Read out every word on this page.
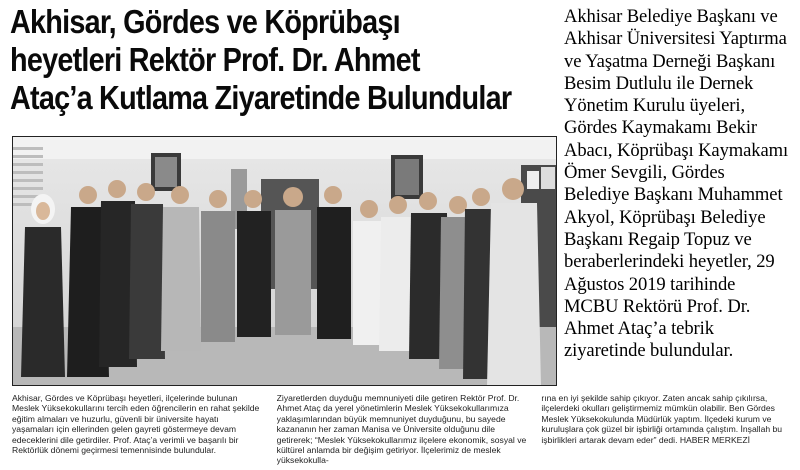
Akhisar, Gördes ve Köprübaşı
heyetleri Rektör Prof. Dr. Ahmet
Ataç’a Kutlama Ziyaretinde Bulundular
Akhisar Belediye Başkanı ve Akhisar Üniversitesi Yaptırma ve Yaşatma Derneği Başkanı Besim Dutlulu ile Dernek Yönetim Kurulu üyeleri, Gördes Kaymakamı Bekir Abacı, Köprübaşı Kaymakamı Ömer Sevgili, Gördes Belediye Başkanı Muhammet Akyol, Köprübaşı Belediye Başkanı Regaip Topuz ve beraberlerindeki heyetler, 29 Ağustos 2019 tarihinde MCBU Rektörü Prof. Dr. Ahmet Ataç’a tebrik ziyaretinde bulundular.

Akhisar, Gördes ve Köprübaşı heyetleri, ilçelerinde bulunan Meslek Yüksekokullarını tercih eden öğrencilerin en rahat şekilde eğitim almaları ve huzurlu, güvenli bir üniversite hayatı yaşamaları için ellerinden gelen gayreti göstermeye devam edeceklerini dile getirdiler. Prof. Ataç’a verimli ve başarılı bir Rektörlük dönemi geçirmesi temennisinde bulundular.

Ziyaretlerden duyduğu memnuniyeti dile getiren Rektör Prof. Dr. Ahmet Ataç da yerel yönetimlerin Meslek Yüksekokullarımıza yaklaşımlarından büyük memnuniyet duyduğunu, bu sayede kazananın her zaman Manisa ve Üniversite olduğunu dile getirerek; “Meslek Yüksekokullarımız ilçelere ekonomik, sosyal ve kültürel anlamda bir değişim getiriyor. İlçelerimiz de meslek yüksekokulla-

rına en iyi şekilde sahip çıkıyor. Zaten ancak sahip çıkılırsa, ilçelerdeki okulları geliştirmemiz mümkün olabilir. Ben Gördes Meslek Yüksekokulunda Müdürlük yaptım. İlçedeki kurum ve kuruluşlara çok güzel bir işbirliği ortamında çalıştım. İnşallah bu işbirlikleri artarak devam eder” dedi. HABER MERKEZİ
